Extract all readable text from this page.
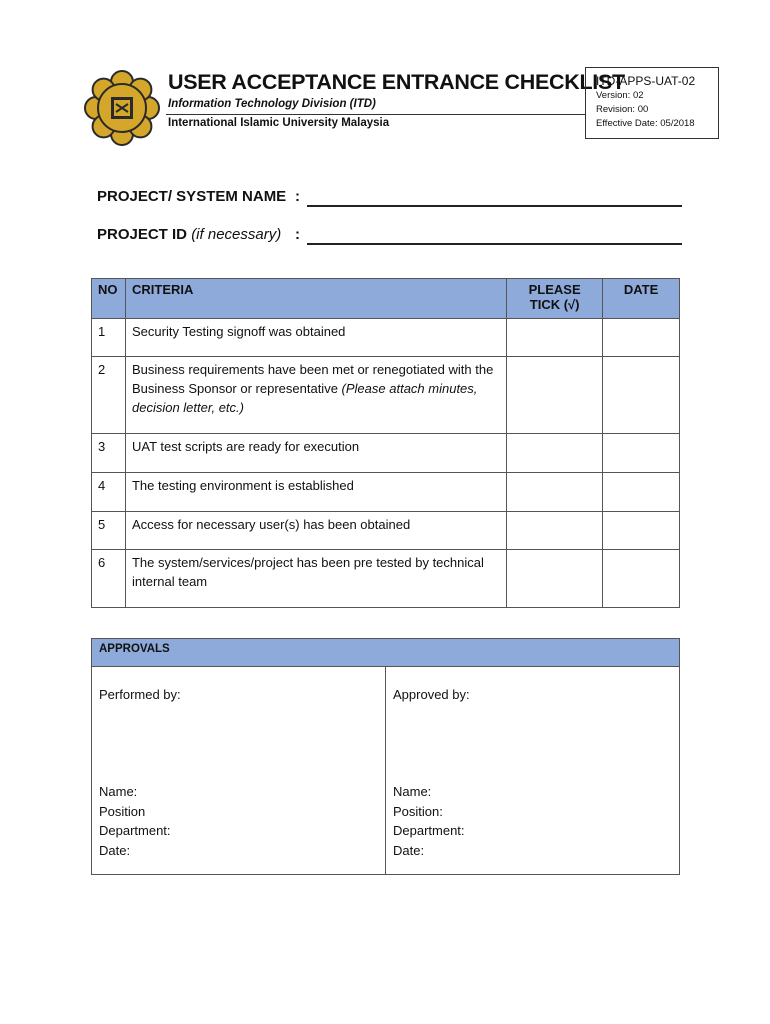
USER ACCEPTANCE ENTRANCE CHECKLIST
Information Technology Division (ITD)
International Islamic University Malaysia
ITD-APPS-UAT-02
Version: 02
Revision: 00
Effective Date: 05/2018
PROJECT/ SYSTEM NAME :
PROJECT ID (if necessary) :
NO	CRITERIA	PLEASE TICK (√)	DATE
1	Security Testing signoff was obtained		
2	Business requirements have been met or renegotiated with the Business Sponsor or representative (Please attach minutes, decision letter, etc.)		
3	UAT test scripts are ready for execution		
4	The testing environment is established		
5	Access for necessary user(s) has been obtained		
6	The system/services/project has been pre tested by technical internal team		
APPROVALS

Performed by:
Name:
Position
Department:
Date:

Approved by:
Name:
Position:
Department:
Date:
